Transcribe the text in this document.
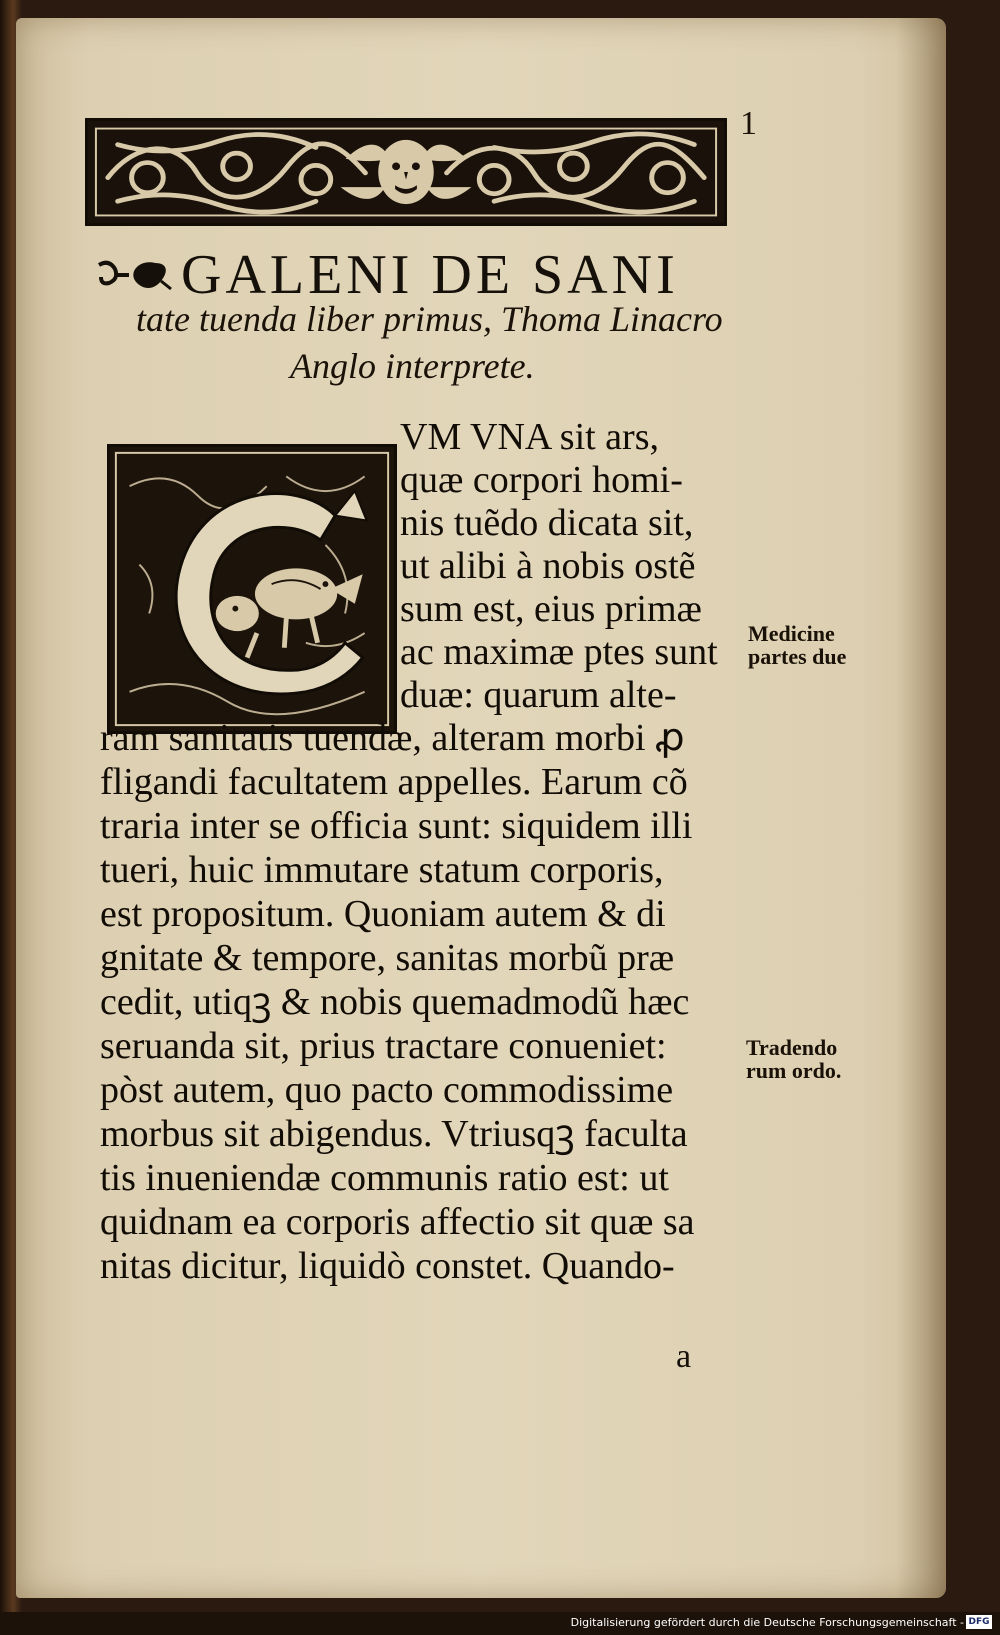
1
GALENI DE SANI
tate tuenda liber primus, Thoma Linacro
Anglo interprete.
VM VNA sit ars,
quæ corpori homi-
nis tuẽdo dicata sit,
ut alibi à nobis ostẽ
sum est, eius primæ
ac maximæ ptes sunt
duæ: quarum alte-
ram sanitatis tuendæ, alteram morbi ꝓ
fligandi facultatem appelles. Earum cõ
traria inter se officia sunt: siquidem illi
tueri, huic immutare statum corporis,
est propositum. Quoniam autem & di
gnitate & tempore, sanitas morbũ præ
cedit, utiqꝫ & nobis quemadmodũ hæc
seruanda sit, prius tractare conueniet:
pòst autem, quo pacto commodissime
morbus sit abigendus. Vtriusqꝫ faculta
tis inueniendæ communis ratio est: ut
quidnam ea corporis affectio sit quæ sa
nitas dicitur, liquidò constet. Quando-
Medicine
partes due
Tradendo
rum ordo.
a
Digitalisierung gefördert durch die Deutsche Forschungsgemeinschaft - DFG
